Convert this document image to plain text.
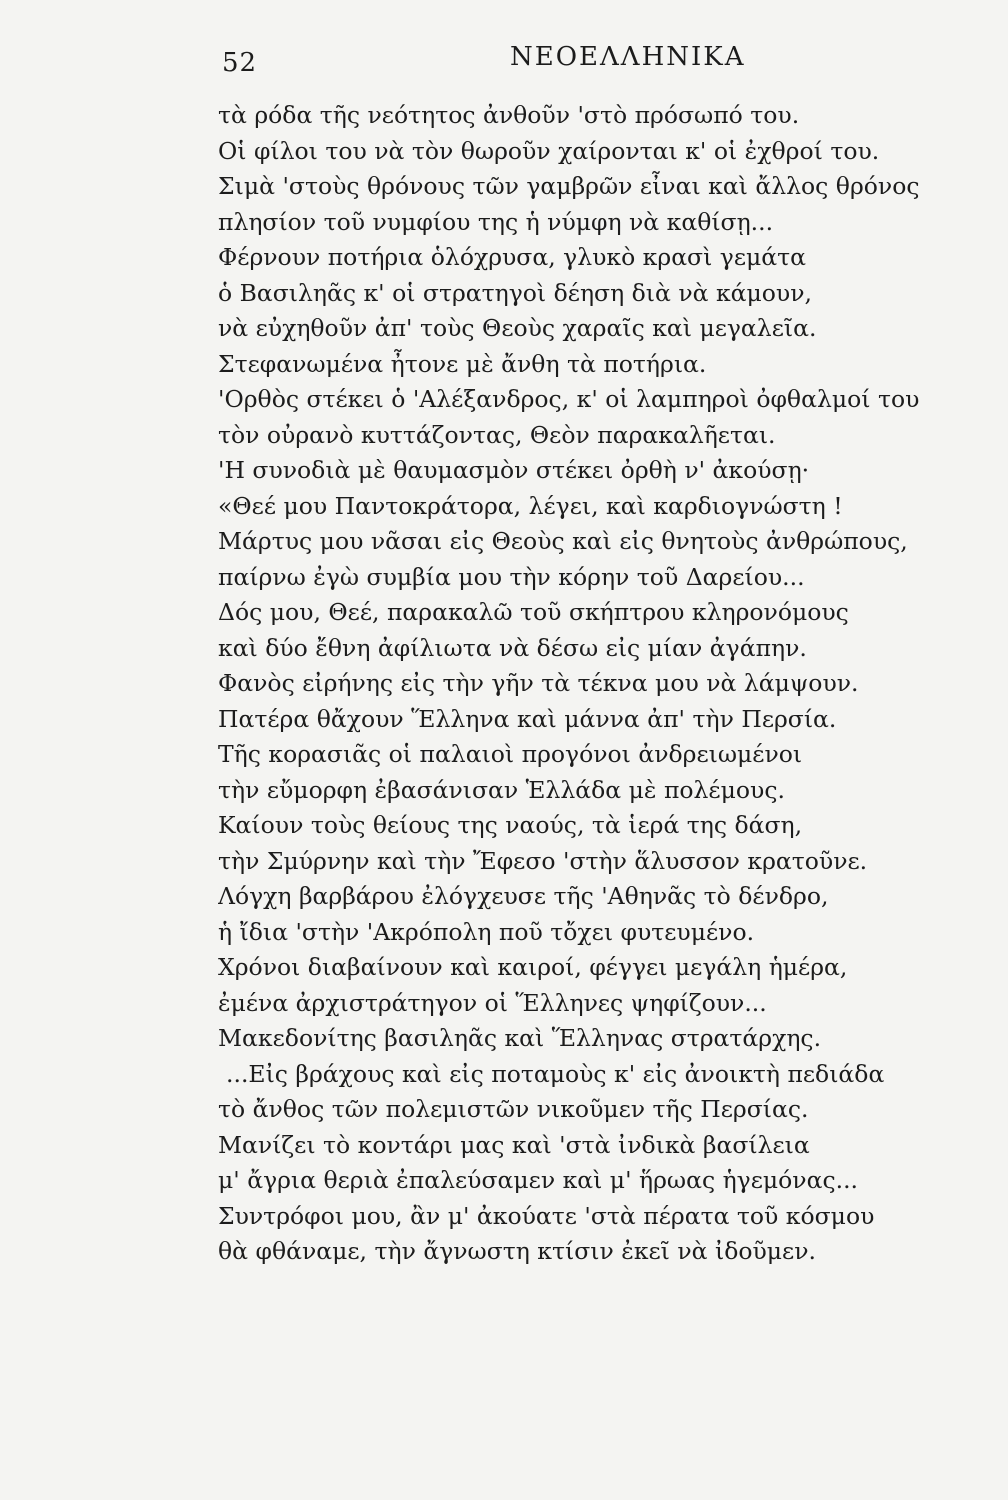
52	ΝΕΟΕΛΛΗΝΙΚΑ
τὰ ρόδα τῆς νεότητος ἀνθοῦν 'στὸ πρόσωπό του.
Οἱ φίλοι του νὰ τὸν θωροῦν χαίρονται κ' οἱ ἐχθροί του.
Σιμὰ 'στοὺς θρόνους τῶν γαμβρῶν εἶναι καὶ ἄλλος θρόνος
πλησίον τοῦ νυμφίου της ἡ νύμφη νὰ καθίσῃ...
Φέρνουν ποτήρια ὁλόχρυσα, γλυκὸ κρασὶ γεμάτα
ὁ Βασιληᾶς κ' οἱ στρατηγοὶ δέηση διὰ νὰ κάμουν,
νὰ εὐχηθοῦν ἀπ' τοὺς Θεοὺς χαραῖς καὶ μεγαλεῖα.
Στεφανωμένα ἦτονε μὲ ἄνθη τὰ ποτήρια.
'Ορθὸς στέκει ὁ 'Αλέξανδρος, κ' οἱ λαμπηροὶ ὀφθαλμοί του
τὸν οὐρανὸ κυττάζοντας, Θεὸν παρακαλῆεται.
'Η συνοδιὰ μὲ θαυμασμὸν στέκει ὀρθὴ ν' ἀκούσῃ·
«Θεέ μου Παντοκράτορα, λέγει, καὶ καρδιογνώστη !
Μάρτυς μου νᾶσαι εἰς Θεοὺς καὶ εἰς θνητοὺς ἀνθρώπους,
παίρνω ἐγὼ συμβία μου τὴν κόρην τοῦ Δαρείου...
Δός μου, Θεέ, παρακαλῶ τοῦ σκήπτρου κληρονόμους
καὶ δύο ἔθνη ἀφίλιωτα νὰ δέσω εἰς μίαν ἀγάπην.
Φανὸς εἰρήνης εἰς τὴν γῆν τὰ τέκνα μου νὰ λάμψουν.
Πατέρα θἄχουν Ἕλληνα καὶ μάννα ἀπ' τὴν Περσία.
Τῆς κορασιᾶς οἱ παλαιοὶ προγόνοι ἀνδρειωμένοι
τὴν εὔμορφη ἐβασάνισαν Ἑλλάδα μὲ πολέμους.
Καίουν τοὺς θείους της ναούς, τὰ ἱερά της δάση,
τὴν Σμύρνην καὶ τὴν Ἔφεσο 'στὴν ἅλυσσον κρατοῦνε.
Λόγχη βαρβάρου ἐλόγχευσε τῆς 'Αθηνᾶς τὸ δένδρο,
ἡ ἴδια 'στὴν 'Ακρόπολη ποῦ τὄχει φυτευμένο.
Χρόνοι διαβαίνουν καὶ καιροί, φέγγει μεγάλη ἡμέρα,
ἐμένα ἀρχιστράτηγον οἱ Ἕλληνες ψηφίζουν...
Μακεδονίτης βασιληᾶς καὶ Ἕλληνας στρατάρχης.
...Εἰς βράχους καὶ εἰς ποταμοὺς κ' εἰς ἀνοικτὴ πεδιάδα
τὸ ἄνθος τῶν πολεμιστῶν νικοῦμεν τῆς Περσίας.
Μανίζει τὸ κοντάρι μας καὶ 'στὰ ἰνδικὰ βασίλεια
μ' ἄγρια θεριὰ ἐπαλεύσαμεν καὶ μ' ἥρωας ἡγεμόνας...
Συντρόφοι μου, ἂν μ' ἀκούατε 'στὰ πέρατα τοῦ κόσμου
θὰ φθάναμε, τὴν ἄγνωστη κτίσιν ἐκεῖ νὰ ἰδοῦμεν.
